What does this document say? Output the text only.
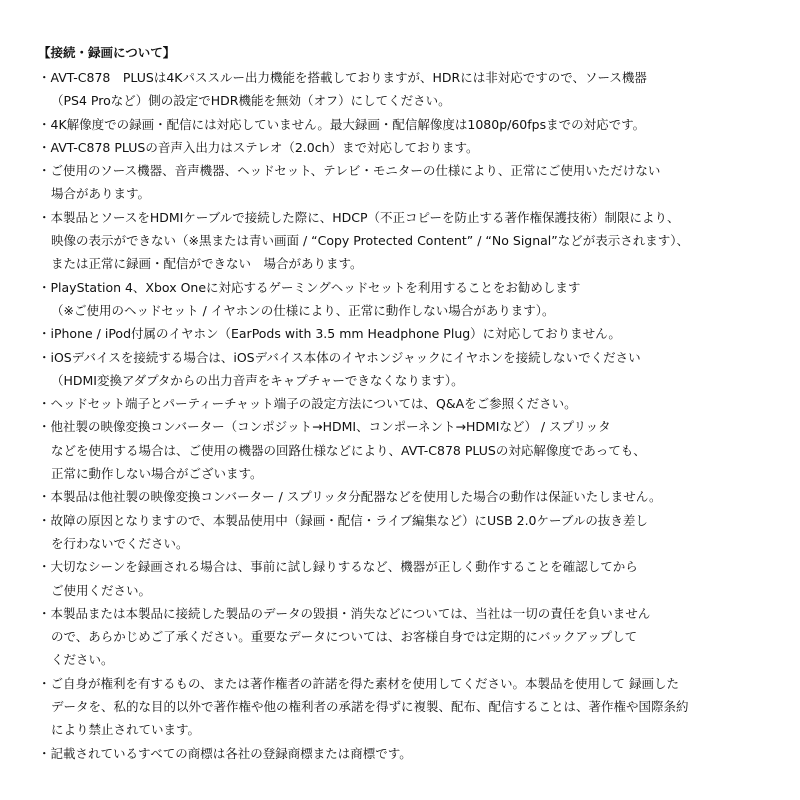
【接続・録画について】
・AVT-C878　PLUSは4Kパススルー出力機能を搭載しておりますが、HDRには非対応ですので、ソース機器
（PS4 Proなど）側の設定でHDR機能を無効（オフ）にしてください。
・4K解像度での録画・配信には対応していません。最大録画・配信解像度は1080p/60fpsまでの対応です。
・AVT-C878 PLUSの音声入出力はステレオ（2.0ch）まで対応しております。
・ご使用のソース機器、音声機器、ヘッドセット、テレビ・モニターの仕様により、正常にご使用いただけない
場合があります。
・本製品とソースをHDMIケーブルで接続した際に、HDCP（不正コピーを防止する著作権保護技術）制限により、
映像の表示ができない（※黒または青い画面 / “Copy Protected Content” / “No Signal”などが表示されます）、
または正常に録画・配信ができない　場合があります。
・PlayStation 4、Xbox Oneに対応するゲーミングヘッドセットを利用することをお勧めします
（※ご使用のヘッドセット / イヤホンの仕様により、正常に動作しない場合があります）。
・iPhone / iPod付属のイヤホン（EarPods with 3.5 mm Headphone Plug）に対応しておりません。
・iOSデバイスを接続する場合は、iOSデバイス本体のイヤホンジャックにイヤホンを接続しないでください
（HDMI変換アダプタからの出力音声をキャプチャーできなくなります）。
・ヘッドセット端子とパーティーチャット端子の設定方法については、Q&Aをご参照ください。
・他社製の映像変換コンバーター（コンポジット→HDMI、コンポーネント→HDMIなど） / スプリッタ
などを使用する場合は、ご使用の機器の回路仕様などにより、AVT-C878 PLUSの対応解像度であっても、
正常に動作しない場合がございます。
・本製品は他社製の映像変換コンバーター / スプリッタ分配器などを使用した場合の動作は保証いたしません。
・故障の原因となりますので、本製品使用中（録画・配信・ライブ編集など）にUSB 2.0ケーブルの抜き差し
を行わないでください。
・大切なシーンを録画される場合は、事前に試し録りするなど、機器が正しく動作することを確認してから
ご使用ください。
・本製品または本製品に接続した製品のデータの毀損・消失などについては、当社は一切の責任を負いません
ので、あらかじめご了承ください。重要なデータについては、お客様自身では定期的にバックアップして
ください。
・ご自身が権利を有するもの、または著作権者の許諾を得た素材を使用してください。本製品を使用して 録画した
データを、私的な目的以外で著作権や他の権利者の承諾を得ずに複製、配布、配信することは、著作権や国際条約
により禁止されています。
・記載されているすべての商標は各社の登録商標または商標です。
